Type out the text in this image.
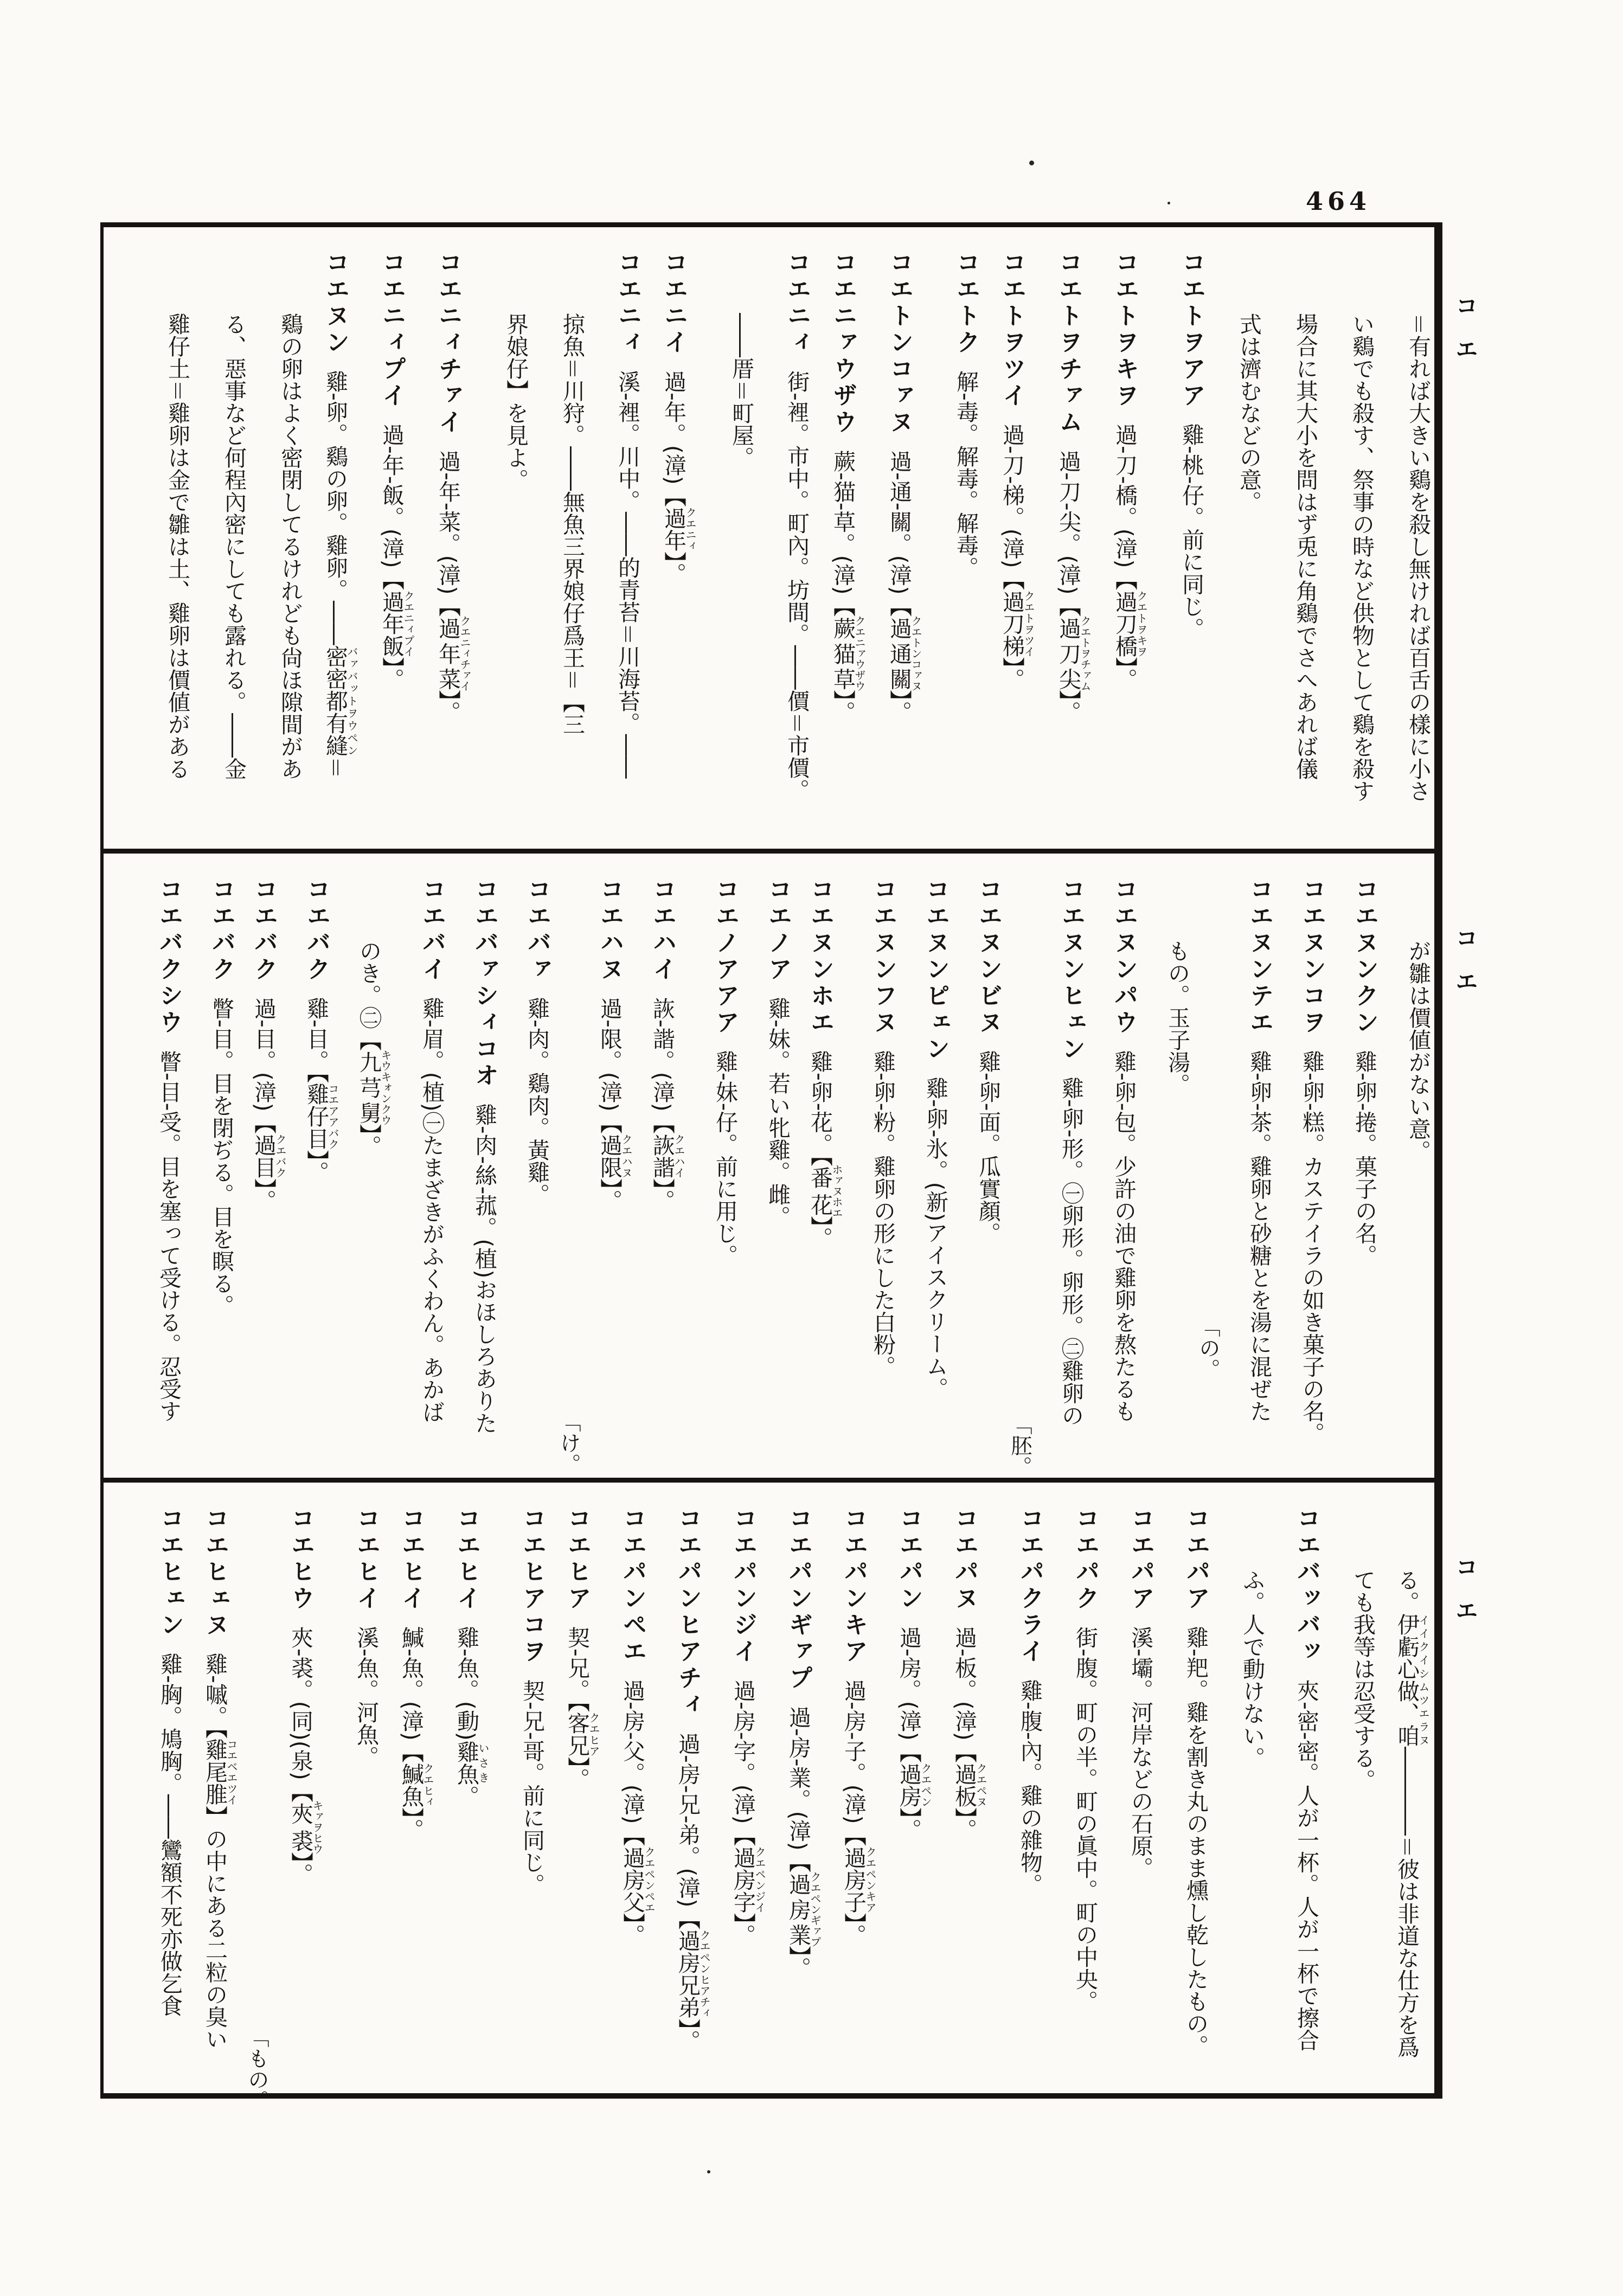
464
コエ
コエ
コエ
＝有れば大きい鷄を殺し無ければ百舌の樣に小さ
い鷄でも殺す、祭事の時など供物として鷄を殺す
場合に其大小を問はず兎に角鷄でさへあれば儀
式は濟むなどの意。
コエトヲアア雞-桃-仔。前に同じ。
コエトヲキヲ過-刀-橋。(漳)【過刀橋クエトヲキヲ】。
コエトヲチァム過-刀-尖。(漳)【過刀尖クエトヲチァム】。
コエトヲツイ過-刀-梯。(漳)【過刀梯クエトヲツイ】。
コエトク解-毒。解毒。解毒。
コエトンコァヌ過-通-關。(漳)【過通關クエトンコァヌ】。
コエニァウザウ蕨-猫-草。(漳)【蕨猫草クエニァウザウ】。
コエニィ街-裡。市中。町內。坊間。――價＝市價。
――厝＝町屋。
コエニイ過-年。(漳)【過年クエニィ】。
コエニィ溪-裡。川中。――的青苔＝川海苔。――
掠魚＝川狩。――無魚三界娘仔爲王＝【三
界娘仔】を見よ。
コエニィチァイ過-年-菜。(漳)【過年菜クエニィチァイ】。
コエニィプイ過-年-飯。(漳)【過年飯クエニィプイ】。
コエヌン雞-卵。鷄の卵。雞卵。――密密都有縫バァバットヲウペン＝
鷄の卵はよく密閉してるけれども尙ほ隙間があ
る、惡事など何程內密にしても露れる。――金
雞仔土＝雞卵は金で雛は土、雞卵は價値がある
が雛は價値がない意。
コエヌンクン雞-卵-捲。菓子の名。
コエヌンコヲ雞-卵-糕。カステイラの如き菓子の名。
コエヌンテエ雞-卵-茶。雞卵と砂糖とを湯に混ぜた
「の。
もの。玉子湯。
コエヌンパウ雞-卵-包。少許の油で雞卵を熬たるも
コエヌンヒェン雞-卵-形。㊀卵形。卵形。㊁雞卵の
「胚。
コエヌンビヌ雞-卵-面。瓜實顏。
コエヌンピェン雞-卵-氷。(新)アイスクリーム。
コエヌンフヌ雞-卵-粉。雞卵の形にした白粉。
コエヌンホエ雞-卵-花。【番花ホァヌホエ】。
コエノア雞-妹。若い牝雞。雌。
コエノアアア雞-妹-仔。前に用じ。
コエハイ詼-諧。(漳)【詼諧クエハイ】。
コエハヌ過-限。(漳)【過限クエハヌ】。
「け。
コエバァ雞-肉。鷄肉。黃雞。
コエバァシィコオ雞-肉-絲-菰。(植)おほしろありた
コエバイ雞-眉。(植)㊀たまざきがふくわん。あかば
のき。㊁【九芎舅キウキォンクウ】。
コエバク雞-目。【雞仔目コエアアバク】。
コエバク過-目。(漳)【過目クエバク】。
コエバク瞥-目。目を閉ぢる。目を瞑る。
コエバクシウ瞥-目-受。目を塞って受ける。忍受す
る。伊虧心做、咱イイクイシムツエラヌ――――＝彼は非道な仕方を爲
ても我等は忍受する。
コエバッバッ夾-密-密。人が一杯。人が一杯で擦合
ふ。人で動けない。
コエパア雞-羓。雞を割き丸のまま燻し乾したもの。
コエパア溪-壩。河岸などの石原。
コエパク街-腹。町の半。町の眞中。町の中央。
コエパクライ雞-腹-內。雞の雜物。
コエパヌ過-板。(漳)【過板クエペヌ】。
コエパン過-房。(漳)【過房クエペン】。
コエパンキア過-房-子。(漳)【過房子クエペンキア】。
コエパンギァプ過-房-業。(漳)【過房業クエペンギァプ】。
コエパンジイ過-房-字。(漳)【過房字クエペンジイ】。
コエパンヒアチィ過-房-兄-弟。(漳)【過房兄弟クエペンヒアチィ】。
コエパンペエ過-房-父。(漳)【過房父クエペンペエ】。
コエヒア契-兄。【客兄クエヒア】。
コエヒアコヲ契-兄-哥。前に同じ。
コエヒイ雞-魚。(動)雞魚いさき。
コエヒイ鰔-魚。(漳)【鰔魚クエヒィ】。
コエヒイ溪-魚。河魚。
コエヒウ夾-裘。(同)(泉)【夾裘キァヲヒウ】。
「もの。
コエヒェヌ雞-嘁。【雞尾脽コエベエツイ】の中にある二粒の臭い
コエヒェン雞-胸。鳩胸。――鸞額不死亦做乞食
